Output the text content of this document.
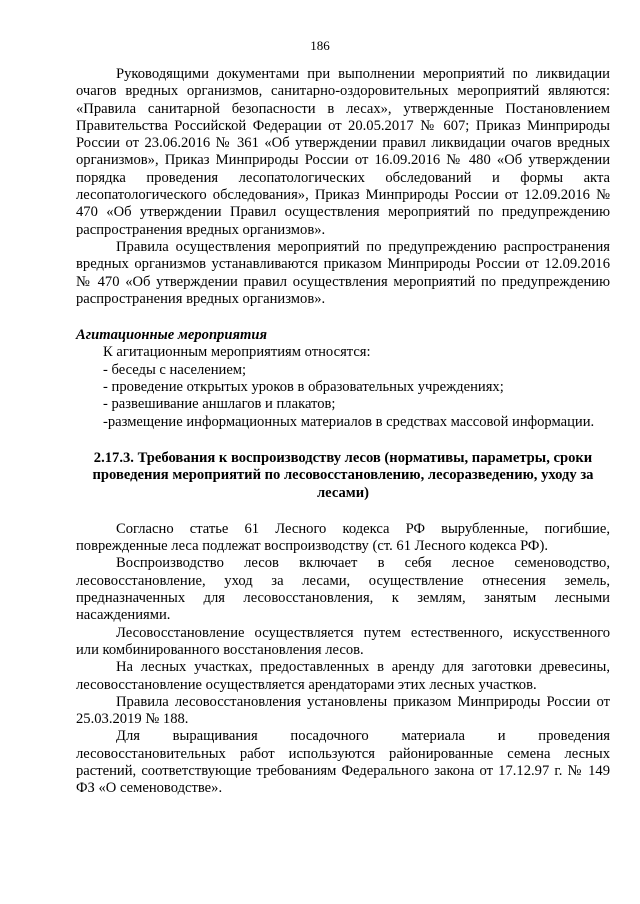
186

Руководящими документами при выполнении мероприятий по ликвидации очагов вредных организмов, санитарно-оздоровительных мероприятий являются: «Правила санитарной безопасности в лесах», утвержденные Постановлением Правительства Российской Федерации от 20.05.2017 № 607; Приказ Минприроды России от 23.06.2016 № 361 «Об утверждении правил ликвидации очагов вредных организмов», Приказ Минприроды России от 16.09.2016 № 480 «Об утверждении порядка проведения лесопатологических обследований и формы акта лесопатологического обследования», Приказ Минприроды России от 12.09.2016 № 470 «Об утверждении Правил осуществления мероприятий по предупреждению распространения вредных организмов».

Правила осуществления мероприятий по предупреждению распространения вредных организмов устанавливаются приказом Минприроды России от 12.09.2016 № 470 «Об утверждении правил осуществления мероприятий по предупреждению распространения вредных организмов».

Агитационные мероприятия

К агитационным мероприятиям относятся:

- беседы с населением;

- проведение открытых уроков в образовательных учреждениях;

- развешивание аншлагов и плакатов;

-размещение информационных материалов в средствах массовой информации.

2.17.3. Требования к воспроизводству лесов (нормативы, параметры, сроки проведения мероприятий по лесовосстановлению, лесоразведению, уходу за лесами)

Согласно статье 61 Лесного кодекса РФ вырубленные, погибшие, поврежденные леса подлежат воспроизводству (ст. 61 Лесного кодекса РФ).

Воспроизводство лесов включает в себя лесное семеноводство, лесовосстановление, уход за лесами, осуществление отнесения земель, предназначенных для лесовосстановления, к землям, занятым лесными насаждениями.

Лесовосстановление осуществляется путем естественного, искусственного или комбинированного восстановления лесов.

На лесных участках, предоставленных в аренду для заготовки древесины, лесовосстановление осуществляется арендаторами этих лесных участков.

Правила лесовосстановления установлены приказом Минприроды России от 25.03.2019 № 188.

Для выращивания посадочного материала и проведения лесовосстановительных работ используются районированные семена лесных растений, соответствующие требованиям Федерального закона от 17.12.97 г. № 149 ФЗ «О семеноводстве».
